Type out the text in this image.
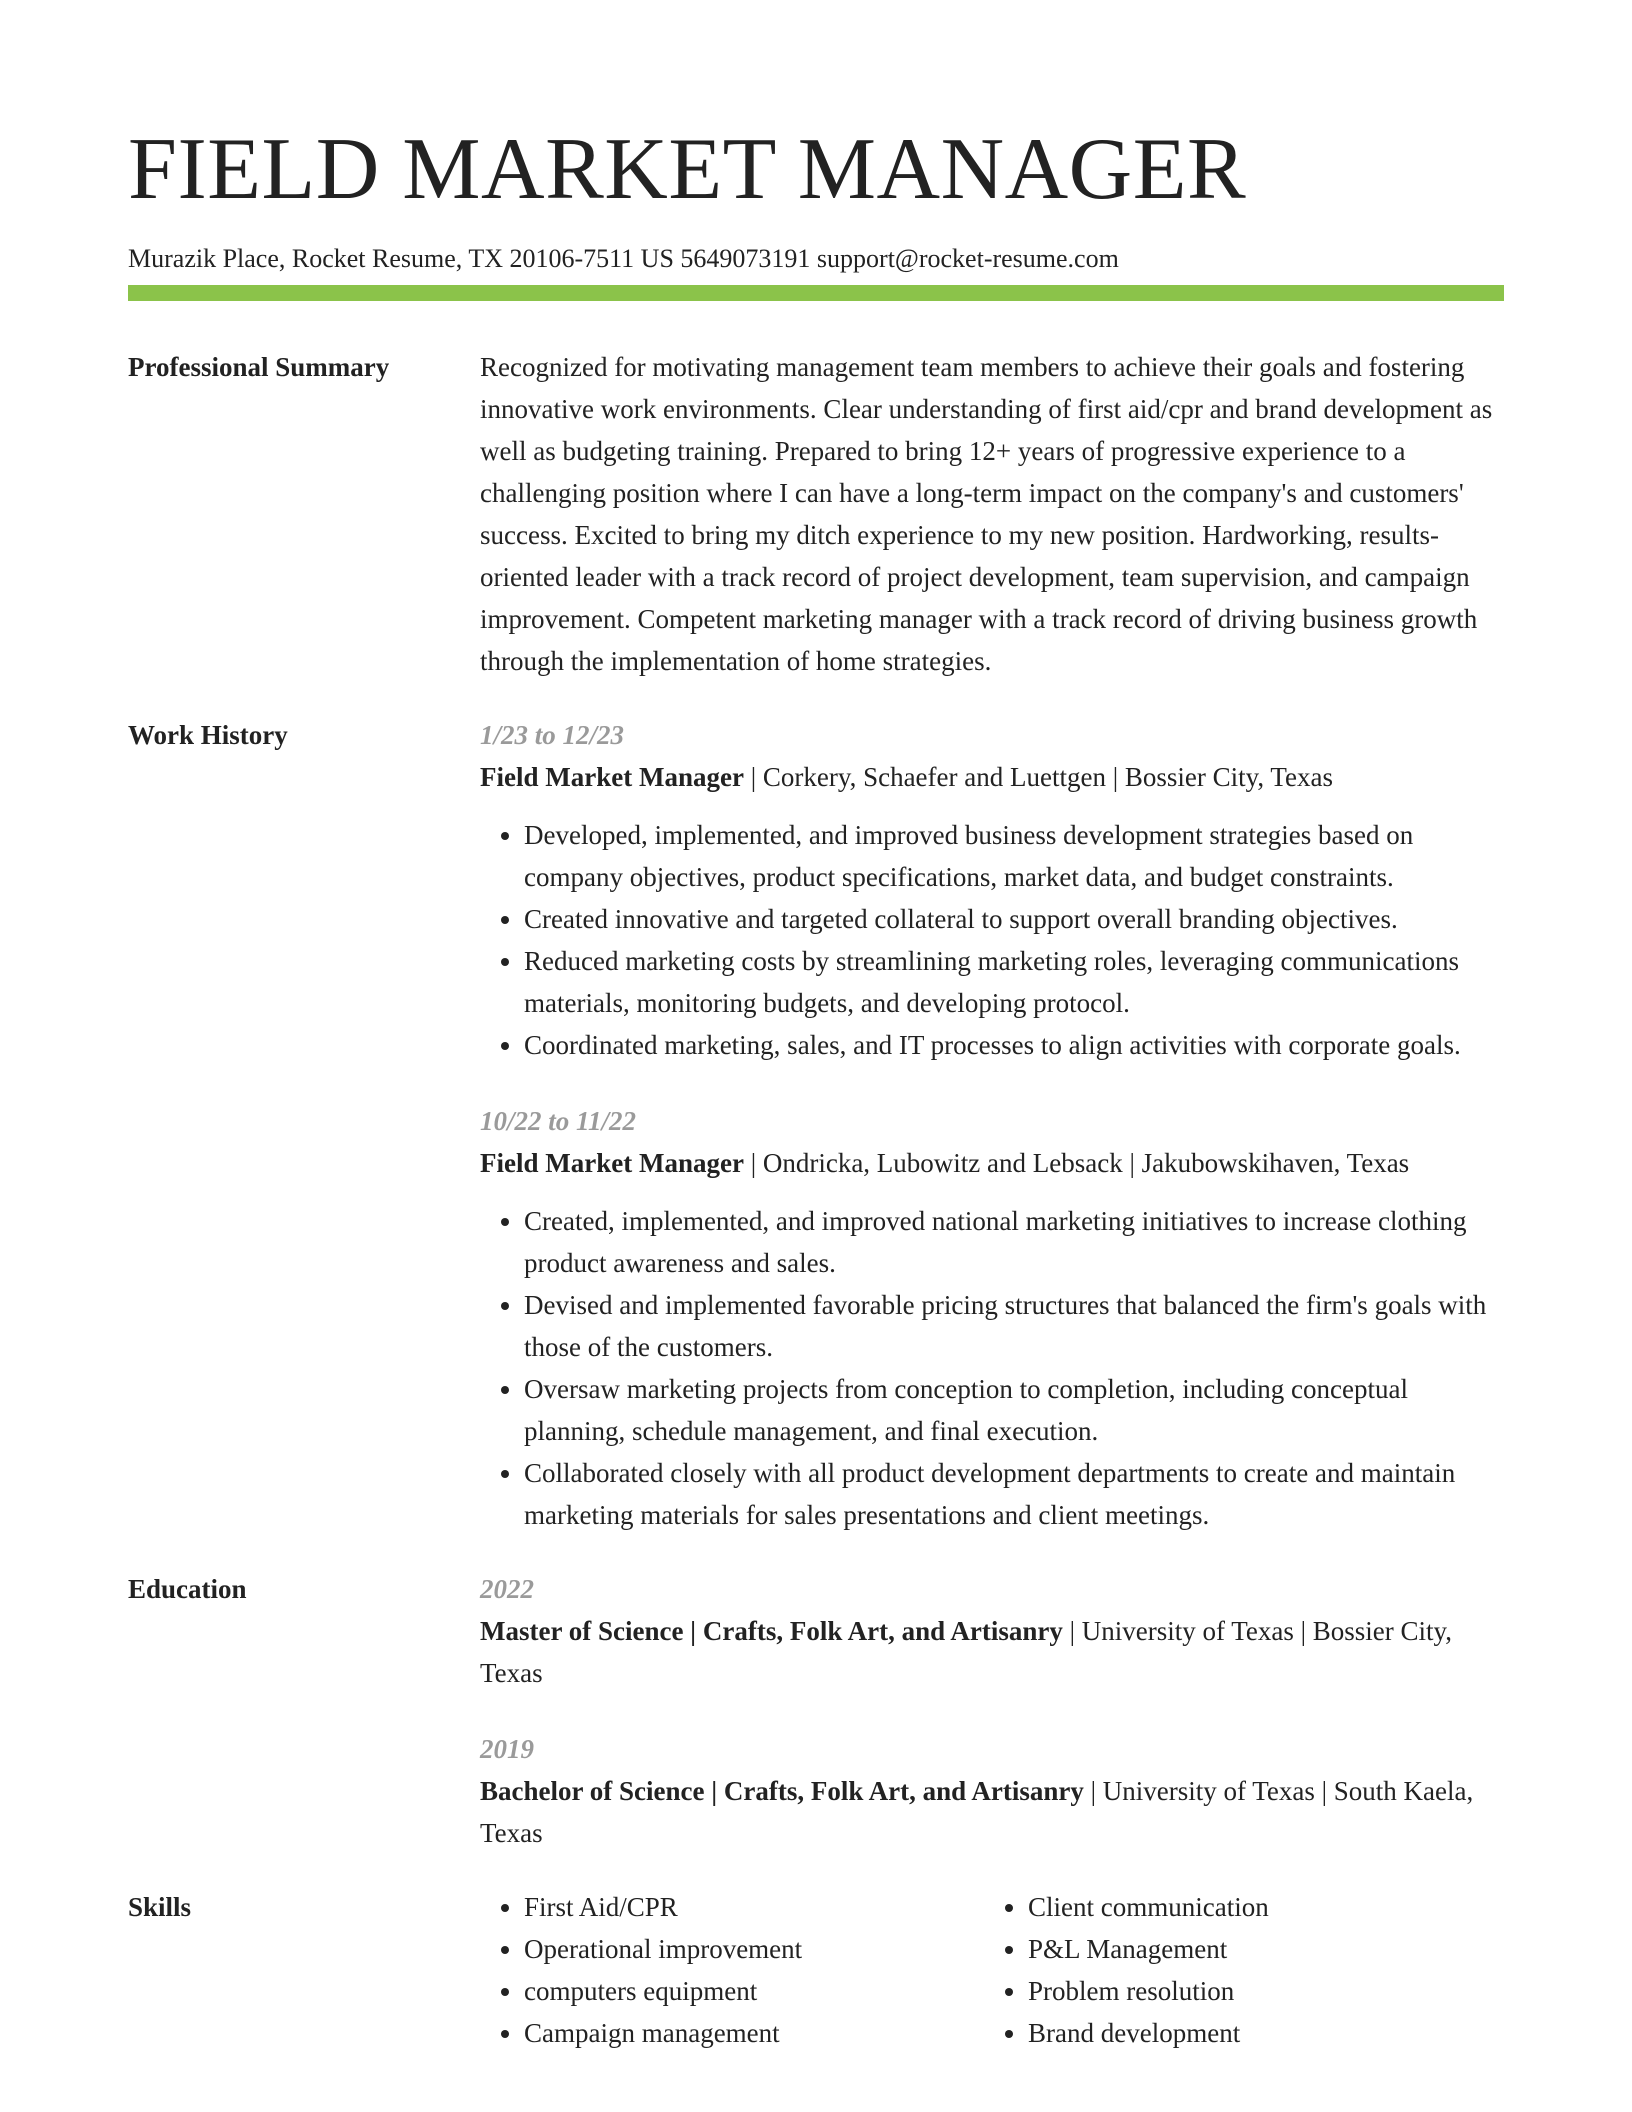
FIELD MARKET MANAGER
Murazik Place, Rocket Resume, TX 20106-7511 US 5649073191 support@rocket-resume.com
Professional Summary	Recognized for motivating management team members to achieve their goals and fostering innovative work environments. Clear understanding of first aid/cpr and brand development as well as budgeting training. Prepared to bring 12+ years of progressive experience to a challenging position where I can have a long-term impact on the company's and customers' success. Excited to bring my ditch experience to my new position. Hardworking, results-oriented leader with a track record of project development, team supervision, and campaign improvement. Competent marketing manager with a track record of driving business growth through the implementation of home strategies.

Work History	1/23 to 12/23
Field Market Manager | Corkery, Schaefer and Luettgen | Bossier City, Texas
• Developed, implemented, and improved business development strategies based on company objectives, product specifications, market data, and budget constraints.
• Created innovative and targeted collateral to support overall branding objectives.
• Reduced marketing costs by streamlining marketing roles, leveraging communications materials, monitoring budgets, and developing protocol.
• Coordinated marketing, sales, and IT processes to align activities with corporate goals.
10/22 to 11/22
Field Market Manager | Ondricka, Lubowitz and Lebsack | Jakubowskihaven, Texas
• Created, implemented, and improved national marketing initiatives to increase clothing product awareness and sales.
• Devised and implemented favorable pricing structures that balanced the firm's goals with those of the customers.
• Oversaw marketing projects from conception to completion, including conceptual planning, schedule management, and final execution.
• Collaborated closely with all product development departments to create and maintain marketing materials for sales presentations and client meetings.
Education	2022
Master of Science | Crafts, Folk Art, and Artisanry | University of Texas | Bossier City, Texas
2019
Bachelor of Science | Crafts, Folk Art, and Artisanry | University of Texas | South Kaela, Texas
Skills
•	First Aid/CPR
• Operational improvement
• computers equipment
• Campaign management
• Client communication
• P&L Management
• Problem resolution
• Brand development
